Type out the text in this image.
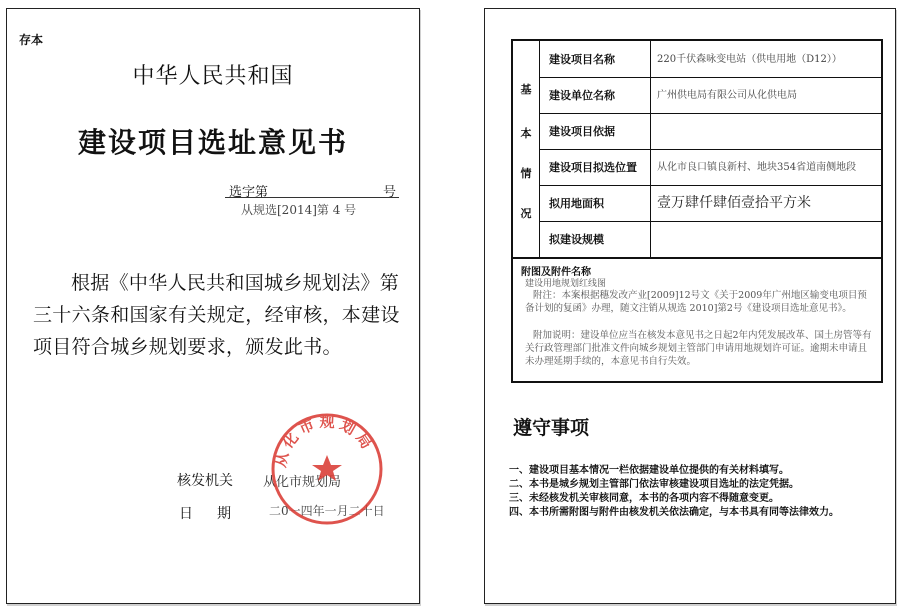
存本
中华人民共和国
建设项目选址意见书
选字第	号
从规选[2014]第 4 号
根据《中华人民共和国城乡规划法》第三十六条和国家有关规定，经审核，本建设项目符合城乡规划要求，颁发此书。
核发机关 从化市规划局
日期 二0一四年一月二十日
从化市规划局
基
本
情
况
建设项目名称	220千伏森咏变电站（供电用地（D12））
建设单位名称	广州供电局有限公司从化供电局
建设项目依据
建设项目拟选位置	从化市良口镇良新村、地块354省道南侧地段
拟用地面积	壹万肆仟肆佰壹拾平方米
拟建设规模
附图及附件名称
建设用地规划红线图
附注：本案根据穗发改产业[2009]12号文《关于2009年广州地区输变电项目预备计划的复函》办理，随文注销从规选 2010]第2号《建设项目选址意见书》。
附加说明：建设单位应当在核发本意见书之日起2年内凭发展改革、国土房管等有关行政管理部门批准文件向城乡规划主管部门申请用地规划许可证。逾期未申请且未办理延期手续的，本意见书自行失效。
遵守事项
一、建设项目基本情况一栏依据建设单位提供的有关材料填写。
二、本书是城乡规划主管部门依法审核建设项目选址的法定凭据。
三、未经核发机关审核同意，本书的各项内容不得随意变更。
四、本书所需附图与附件由核发机关依法确定，与本书具有同等法律效力。
